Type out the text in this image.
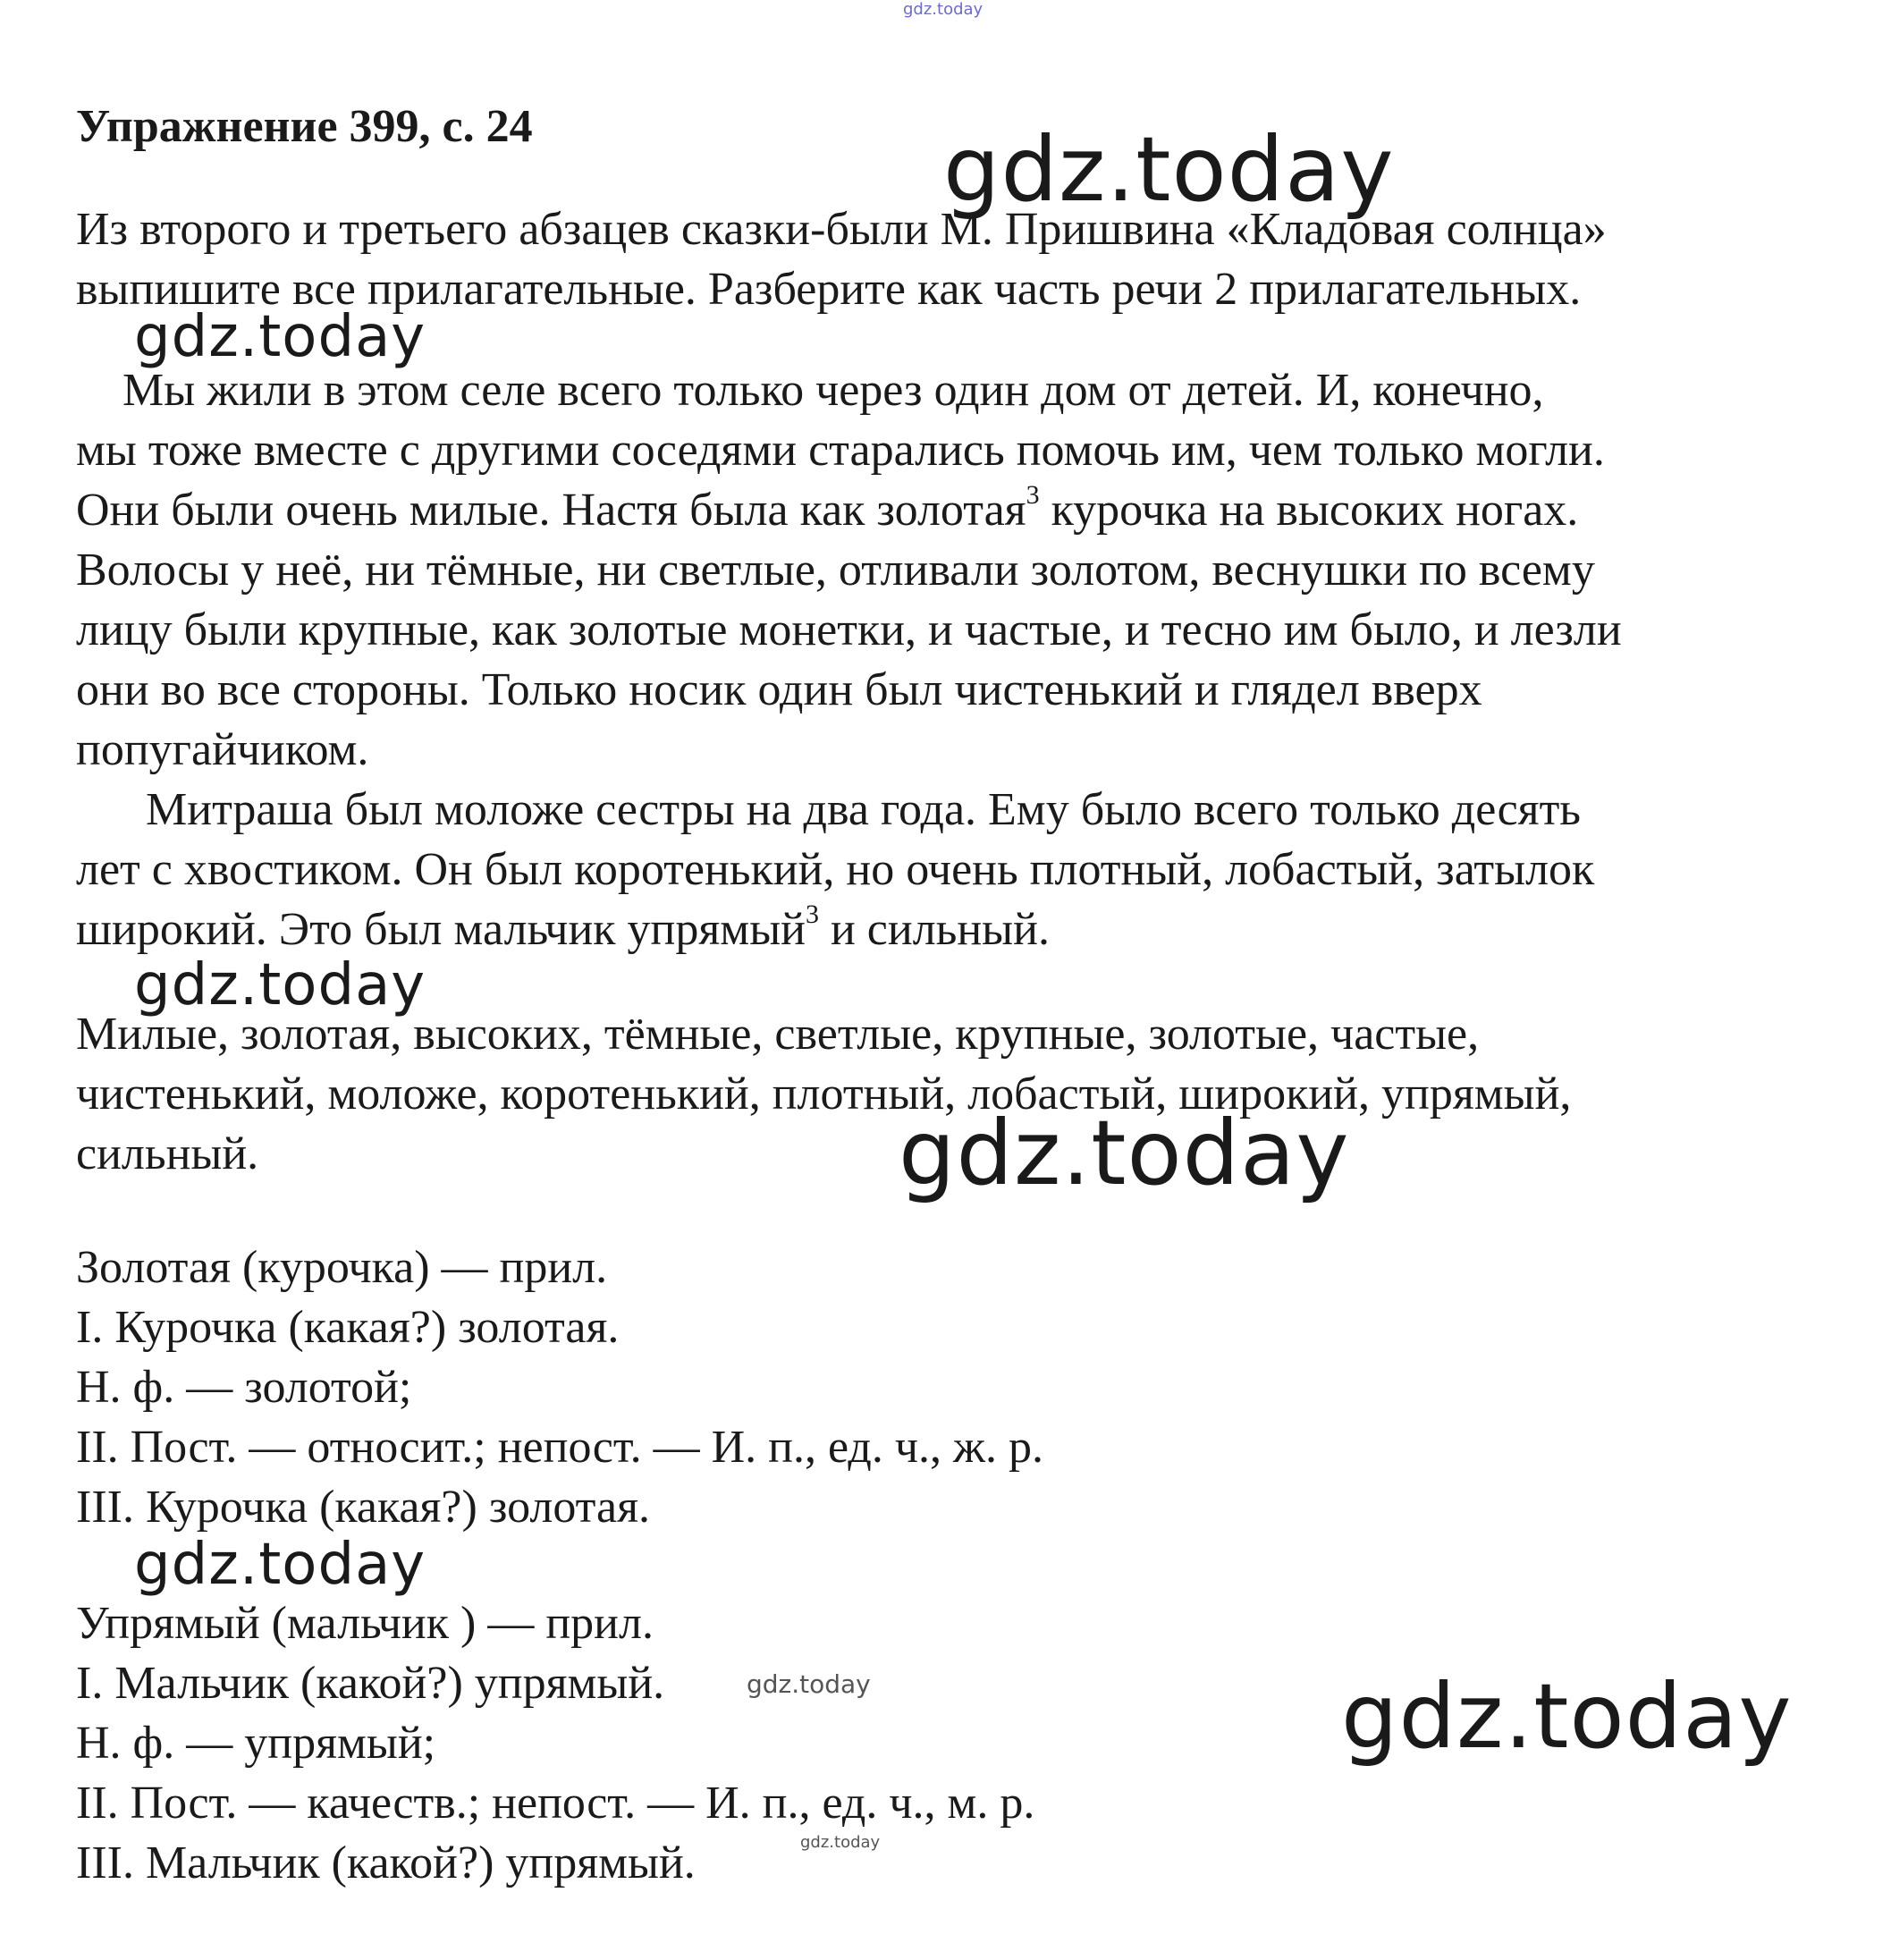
gdz.today
Упражнение 399, с. 24	gdz.today

Из второго и третьего абзацев сказки-были М. Пришвина «Кладовая солнца»

выпишите все прилагательные. Разберите как часть речи 2 прилагательных.

gdz.today

Мы жили в этом селе всего только через один дом от детей. И, конечно,

мы тоже вместе с другими соседями старались помочь им, чем только могли.

Они были очень милые. Настя была как золотая$^3$ курочка на высоких ногах.

Волосы у неё, ни тёмные, ни светлые, отливали золотом, веснушки по всему

лицу были крупные, как золотые монетки, и частые, и тесно им было, и лезли

они во все стороны. Только носик один был чистенький и глядел вверх

попугайчиком.

Митраша был моложе сестры на два года. Ему было всего только десять

лет с хвостиком. Он был коротенький, но очень плотный, лобастый, затылок

широкий. Это был мальчик упрямый$^3$ и сильный.

gdz.today

Милые, золотая, высоких, тёмные, светлые, крупные, золотые, частые,

чистенький, моложе, коротенький, плотный, лобастый, широкий, упрямый,

сильный.	gdz.today

Золотая (курочка) — прил.

I. Курочка (какая?) золотая.

Н. ф. — золотой;

II. Пост. — относит.; непост. — И. п., ед. ч., ж. р.

III. Курочка (какая?) золотая.

gdz.today

Упрямый (мальчик ) — прил.

I. Мальчик (какой?) упрямый.

Н. ф. — упрямый;

II. Пост. — качеств.; непост. — И. п., ед. ч., м. р.

III. Мальчик (какой?) упрямый.

gdz.today	gdz.today
gdz.today
